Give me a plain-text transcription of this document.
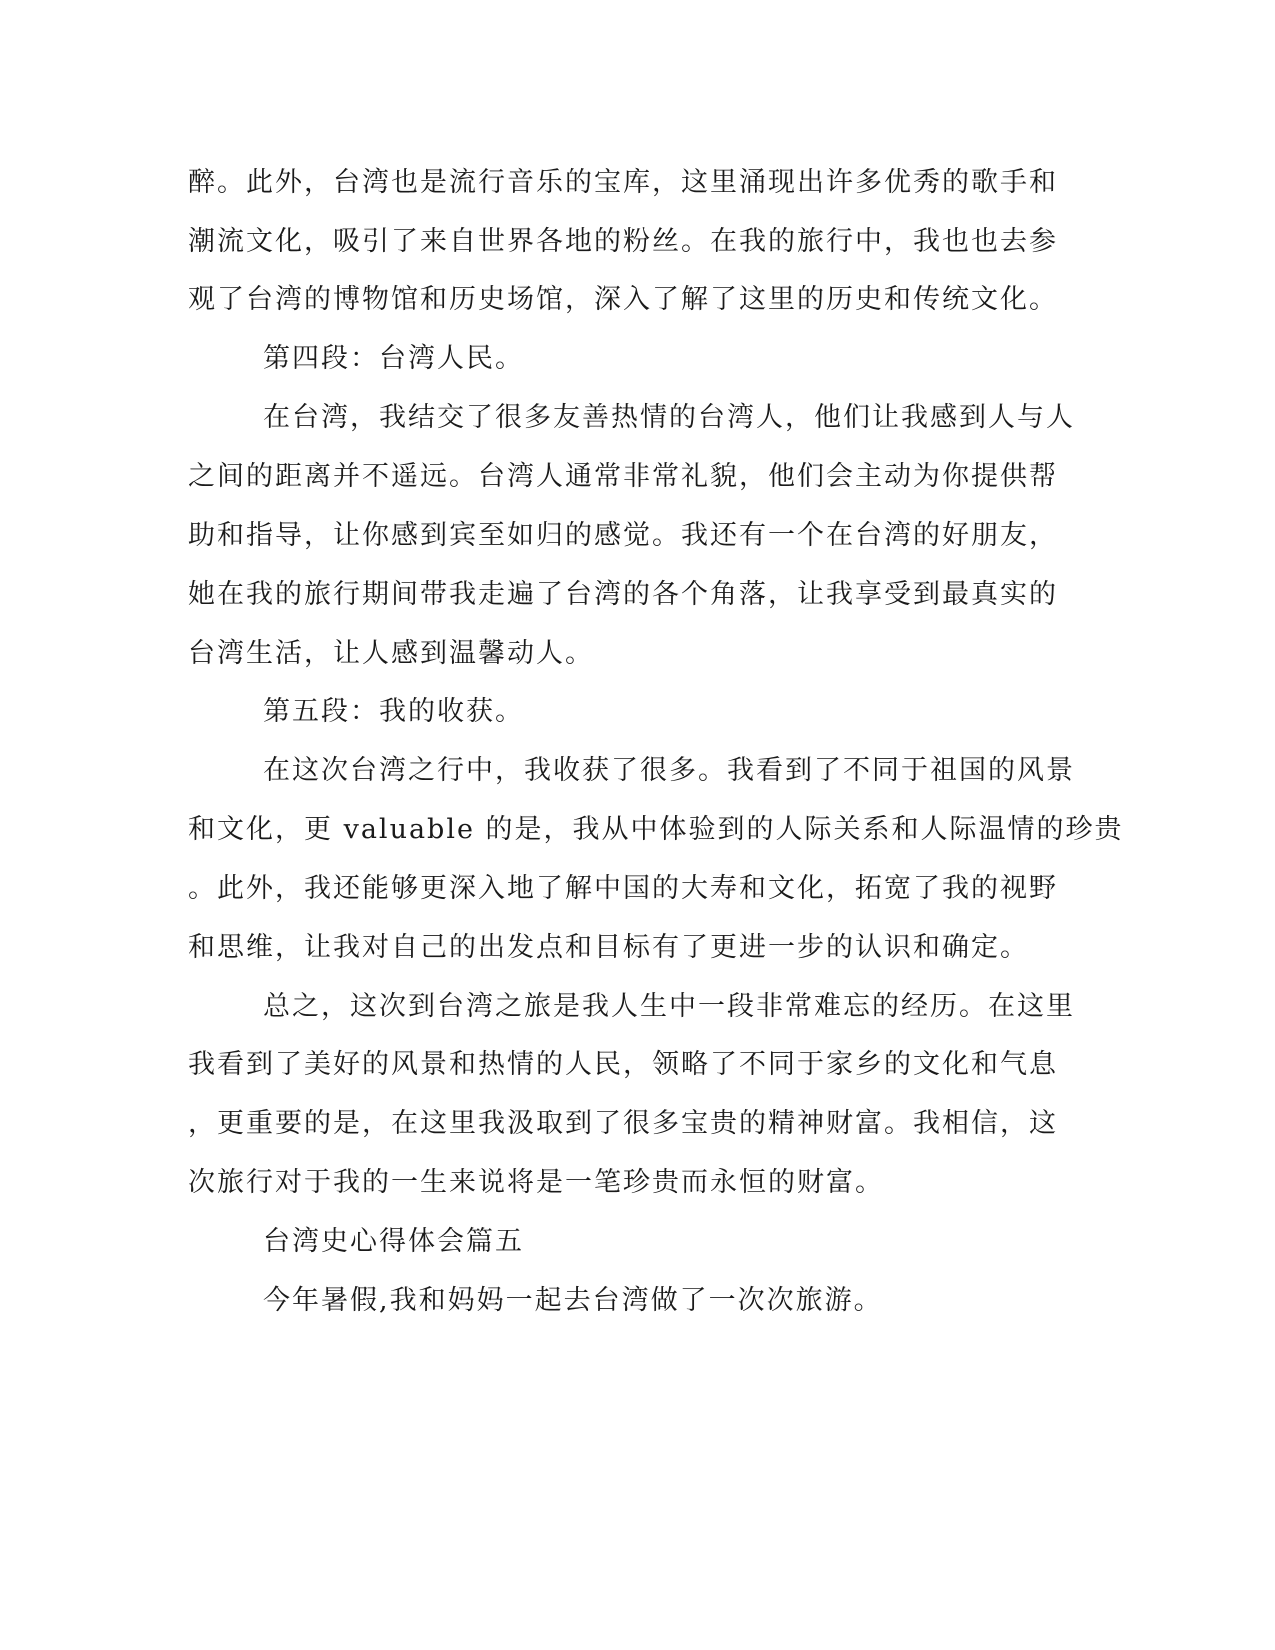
醉。此外，台湾也是流行音乐的宝库，这里涌现出许多优秀的歌手和
潮流文化，吸引了来自世界各地的粉丝。在我的旅行中，我也也去参
观了台湾的博物馆和历史场馆，深入了解了这里的历史和传统文化。
第四段：台湾人民。
在台湾，我结交了很多友善热情的台湾人，他们让我感到人与人
之间的距离并不遥远。台湾人通常非常礼貌，他们会主动为你提供帮
助和指导，让你感到宾至如归的感觉。我还有一个在台湾的好朋友，
她在我的旅行期间带我走遍了台湾的各个角落，让我享受到最真实的
台湾生活，让人感到温馨动人。
第五段：我的收获。
在这次台湾之行中，我收获了很多。我看到了不同于祖国的风景
和文化，更 valuable 的是，我从中体验到的人际关系和人际温情的珍贵
。此外，我还能够更深入地了解中国的大寿和文化，拓宽了我的视野
和思维，让我对自己的出发点和目标有了更进一步的认识和确定。
总之，这次到台湾之旅是我人生中一段非常难忘的经历。在这里
我看到了美好的风景和热情的人民，领略了不同于家乡的文化和气息
，更重要的是，在这里我汲取到了很多宝贵的精神财富。我相信，这
次旅行对于我的一生来说将是一笔珍贵而永恒的财富。
台湾史心得体会篇五
今年暑假,我和妈妈一起去台湾做了一次次旅游。
